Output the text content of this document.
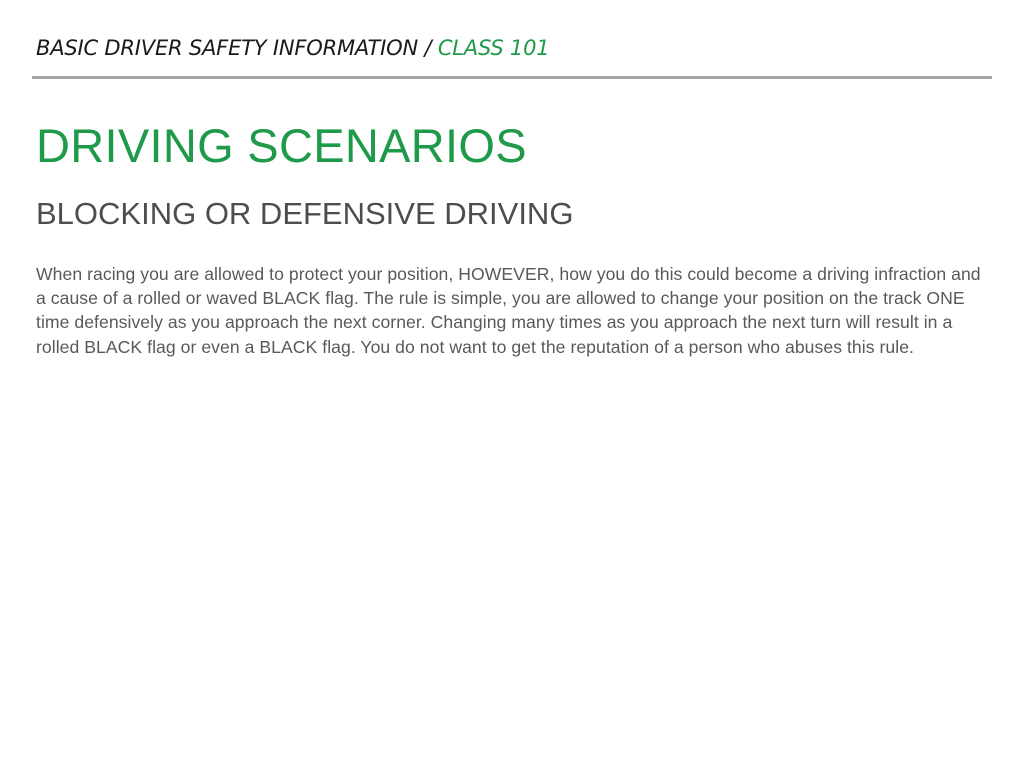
BASIC DRIVER SAFETY INFORMATION / CLASS 101
DRIVING SCENARIOS
BLOCKING OR DEFENSIVE DRIVING

When racing you are allowed to protect your position, HOWEVER, how you do this could become a driving infraction and a cause of a rolled or waved BLACK flag. The rule is simple, you are allowed to change your position on the track ONE time defensively as you approach the next corner. Changing many times as you approach the next turn will result in a rolled BLACK flag or even a BLACK flag. You do not want to get the reputation of a person who abuses this rule.
